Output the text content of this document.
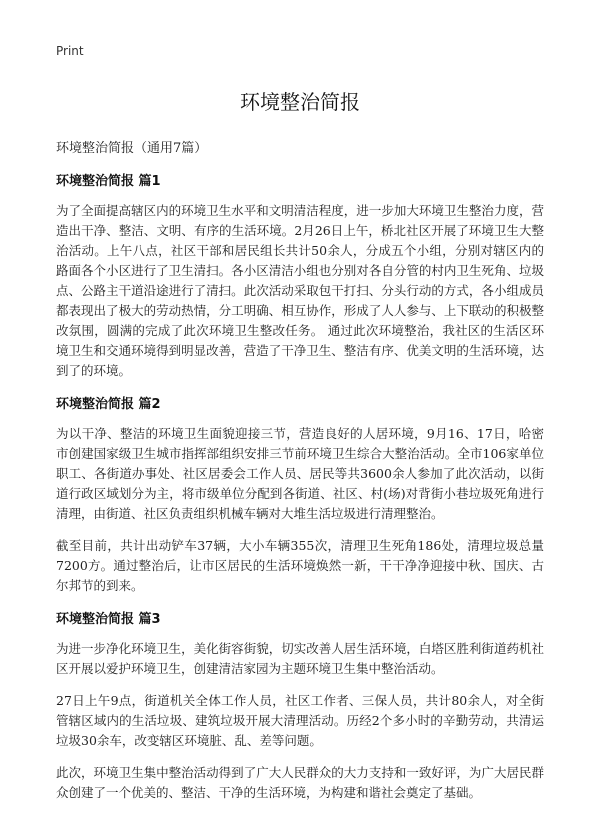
Print
环境整治简报
环境整治简报（通用7篇）
环境整治简报 篇1

为了全面提高辖区内的环境卫生水平和文明清洁程度，进一步加大环境卫生整治力度，营造出干净、整洁、文明、有序的生活环境。2月26日上午，桥北社区开展了环境卫生大整治活动。上午八点，社区干部和居民组长共计50余人，分成五个小组，分别对辖区内的路面各个小区进行了卫生清扫。各小区清洁小组也分别对各自分管的村内卫生死角、垃圾点、公路主干道沿途进行了清扫。此次活动采取包干打扫、分头行动的方式，各小组成员都表现出了极大的劳动热情，分工明确、相互协作，形成了人人参与、上下联动的积极整改氛围，圆满的完成了此次环境卫生整改任务。 通过此次环境整治，我社区的生活区环境卫生和交通环境得到明显改善，营造了干净卫生、整洁有序、优美文明的生活环境，达到了的环境。

环境整治简报 篇2

为以干净、整洁的环境卫生面貌迎接三节，营造良好的人居环境，9月16、17日，哈密市创建国家级卫生城市指挥部组织安排三节前环境卫生综合大整治活动。全市106家单位职工、各街道办事处、社区居委会工作人员、居民等共3600余人参加了此次活动，以街道行政区域划分为主，将市级单位分配到各街道、社区、村(场)对背街小巷垃圾死角进行清理，由街道、社区负责组织机械车辆对大堆生活垃圾进行清理整治。

截至目前，共计出动铲车37辆，大小车辆355次，清理卫生死角186处，清理垃圾总量7200方。通过整治后，让市区居民的生活环境焕然一新，干干净净迎接中秋、国庆、古尔邦节的到来。

环境整治简报 篇3

为进一步净化环境卫生，美化街容街貌，切实改善人居生活环境，白塔区胜利街道药机社区开展以爱护环境卫生，创建清洁家园为主题环境卫生集中整治活动。

27日上午9点，街道机关全体工作人员，社区工作者、三保人员，共计80余人，对全街管辖区域内的生活垃圾、建筑垃圾开展大清理活动。历经2个多小时的辛勤劳动，共清运垃圾30余车，改变辖区环境脏、乱、差等问题。

此次，环境卫生集中整治活动得到了广大人民群众的大力支持和一致好评，为广大居民群众创建了一个优美的、整洁、干净的生活环境，为构建和谐社会奠定了基础。
